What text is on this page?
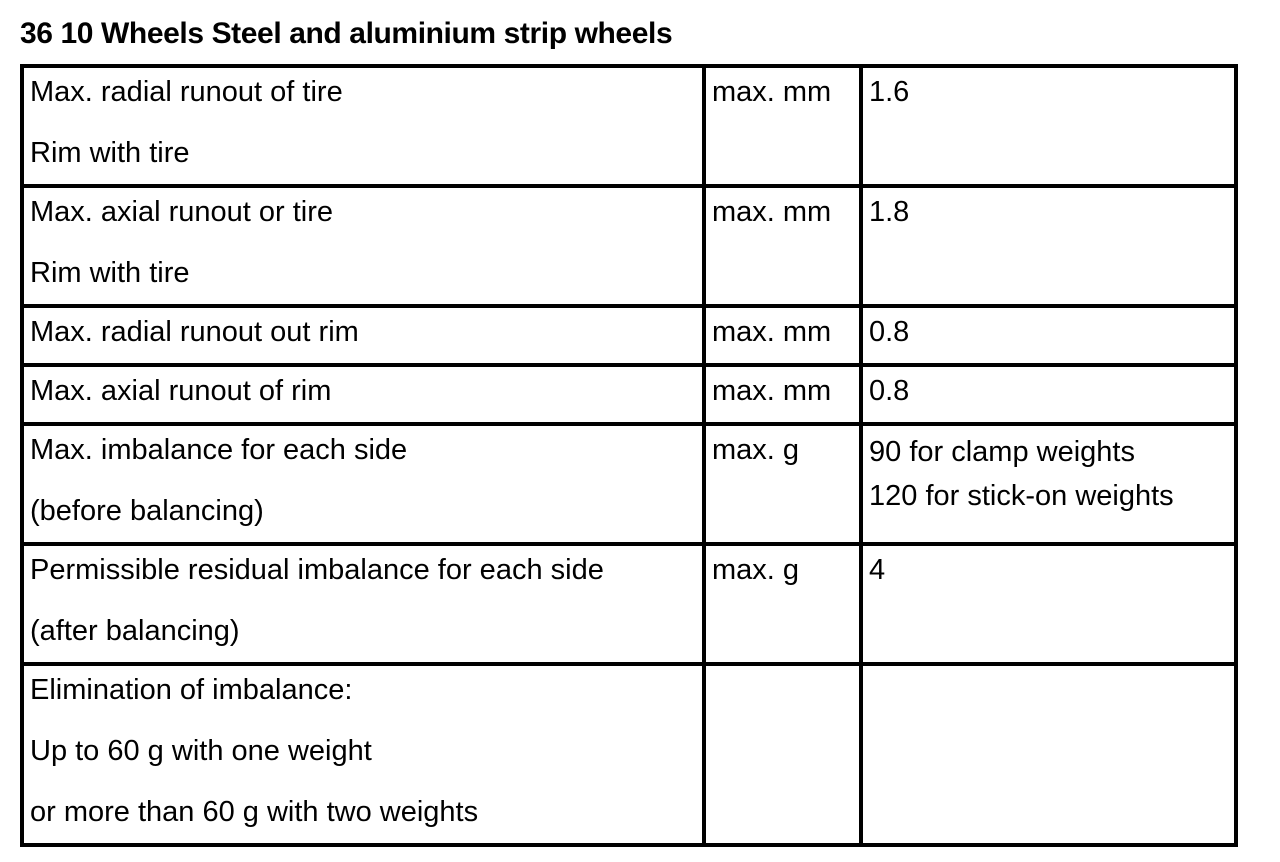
36 10 Wheels Steel and aluminium strip wheels
Max. radial runout of tire
Rim with tire	max. mm	1.6

Max. axial runout or tire
Rim with tire	max. mm	1.8

Max. radial runout out rim	max. mm	0.8

Max. axial runout of rim	max. mm	0.8

Max. imbalance for each side
(before balancing)	max. g	90 for clamp weights
120 for stick-on weights

Permissible residual imbalance for each side
(after balancing)	max. g	4

Elimination of imbalance:
Up to 60 g with one weight
or more than 60 g with two weights		
